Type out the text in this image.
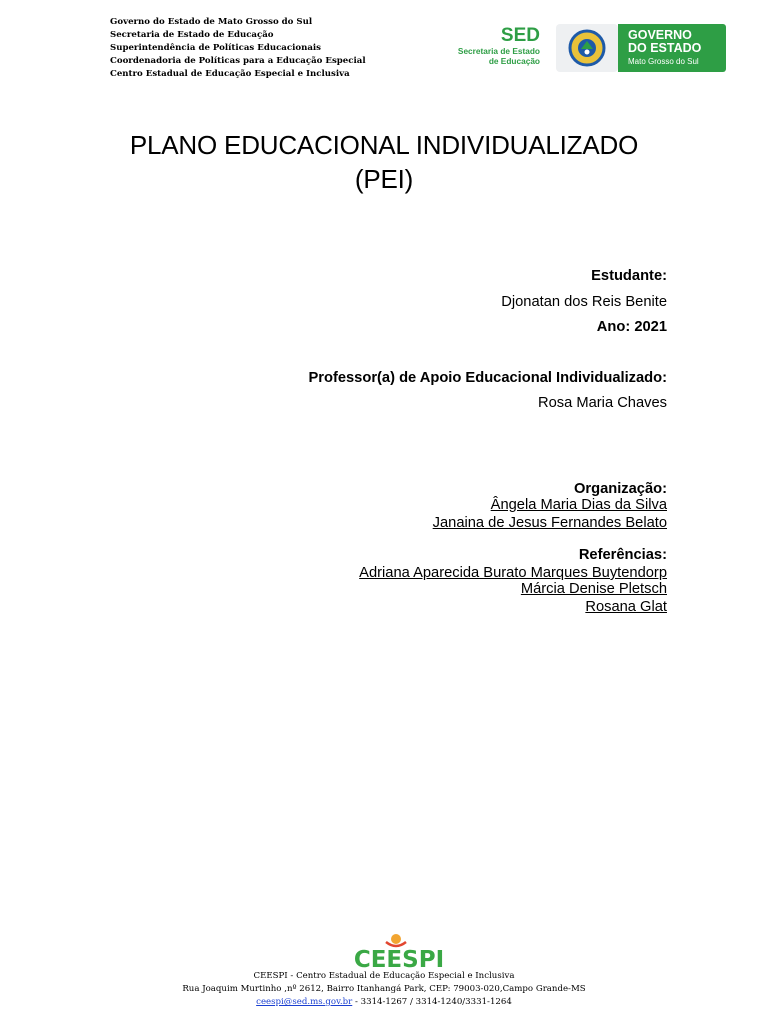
Governo do Estado de Mato Grosso do Sul
Secretaria de Estado de Educação
Superintendência de Políticas Educacionais
Coordenadoria de Políticas para a Educação Especial
Centro Estadual de Educação Especial e Inclusiva
SED
Secretaria de Estado
de Educação
GOVERNO
DO ESTADO
Mato Grosso do Sul
PLANO EDUCACIONAL INDIVIDUALIZADO
(PEI)
Estudante:
Djonatan dos Reis Benite
Ano: 2021
Professor(a) de Apoio Educacional Individualizado:
Rosa Maria Chaves
Organização:
Ângela Maria Dias da Silva
Janaina de Jesus Fernandes Belato
Referências:
Adriana Aparecida Burato Marques Buytendorp
Márcia Denise Pletsch
Rosana Glat
CEESPI
CEESPI - Centro Estadual de Educação Especial e Inclusiva
Rua Joaquim Murtinho ,nº 2612, Bairro Itanhangá Park, CEP: 79003-020,Campo Grande-MS
ceespi@sed.ms.gov.br - 3314-1267 / 3314-1240/3331-1264
